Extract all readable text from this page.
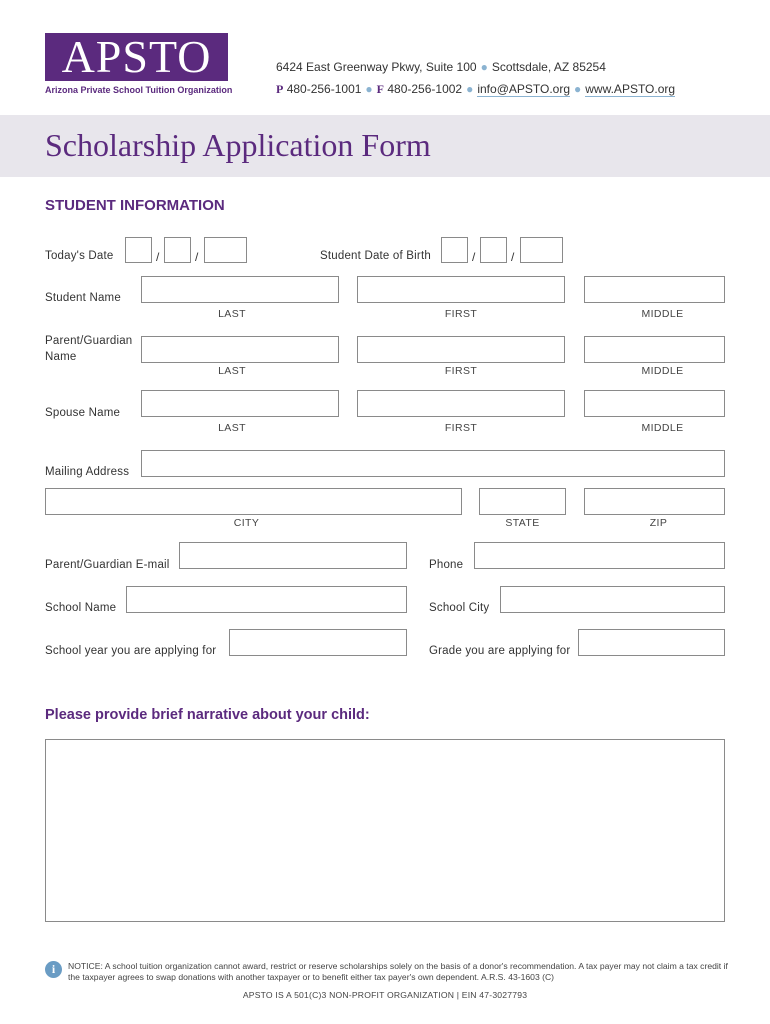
APSTO
Arizona Private School Tuition Organization
6424 East Greenway Pkwy, Suite 100 ● Scottsdale, AZ 85254
P 480-256-1001 ● F 480-256-1002 ● info@APSTO.org ● www.APSTO.org
Scholarship Application Form
STUDENT INFORMATION
Today's Date	/	/	Student Date of Birth	/	/
Student Name
LAST	FIRST	MIDDLE
Parent/Guardian
Name
LAST	FIRST	MIDDLE
Spouse Name
LAST	FIRST	MIDDLE
Mailing Address
CITY	STATE	ZIP
Parent/Guardian E-mail	Phone
School Name	School City
School year you are applying for	Grade you are applying for
Please provide brief narrative about your child:
i	NOTICE: A school tuition organization cannot award, restrict or reserve scholarships solely on the basis of a donor's recommendation. A tax payer may not claim a tax credit if the taxpayer agrees to swap donations with another taxpayer or to benefit either tax payer's own dependent. A.R.S. 43-1603 (C)
APSTO IS A 501(C)3 NON-PROFIT ORGANIZATION | EIN 47-3027793
